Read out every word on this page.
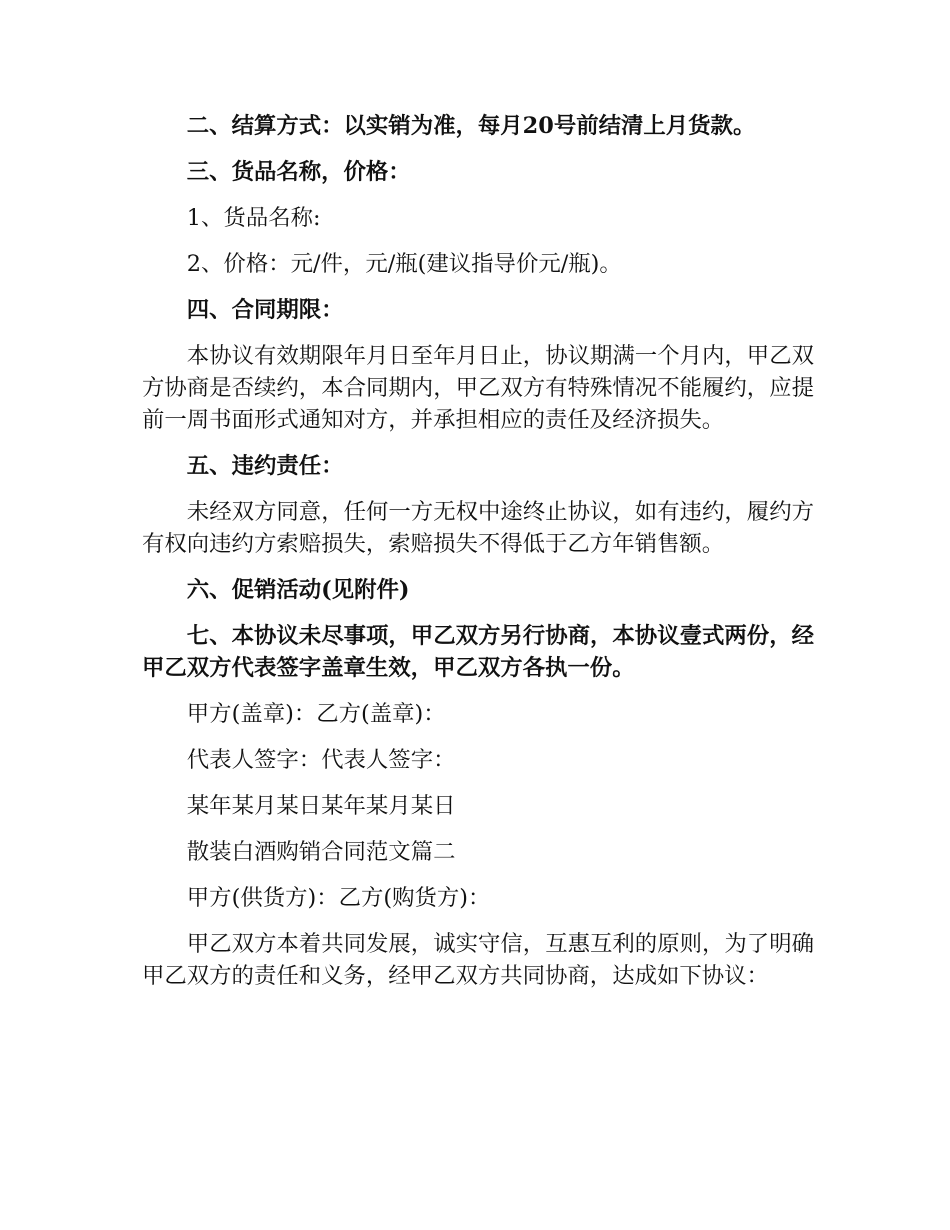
二、结算方式：以实销为准，每月20号前结清上月货款。

三、货品名称，价格：

1、货品名称:

2、价格：元/件，元/瓶(建议指导价元/瓶)。

四、合同期限：

本协议有效期限年月日至年月日止，协议期满一个月内，甲乙双方协商是否续约，本合同期内，甲乙双方有特殊情况不能履约，应提前一周书面形式通知对方，并承担相应的责任及经济损失。

五、违约责任：

未经双方同意，任何一方无权中途终止协议，如有违约，履约方有权向违约方索赔损失，索赔损失不得低于乙方年销售额。

六、促销活动(见附件)

七、本协议未尽事项，甲乙双方另行协商，本协议壹式两份，经甲乙双方代表签字盖章生效，甲乙双方各执一份。

甲方(盖章)：乙方(盖章)：

代表人签字：代表人签字：

某年某月某日某年某月某日

散装白酒购销合同范文篇二

甲方(供货方)：乙方(购货方)：

甲乙双方本着共同发展，诚实守信，互惠互利的原则，为了明确甲乙双方的责任和义务，经甲乙双方共同协商，达成如下协议：
